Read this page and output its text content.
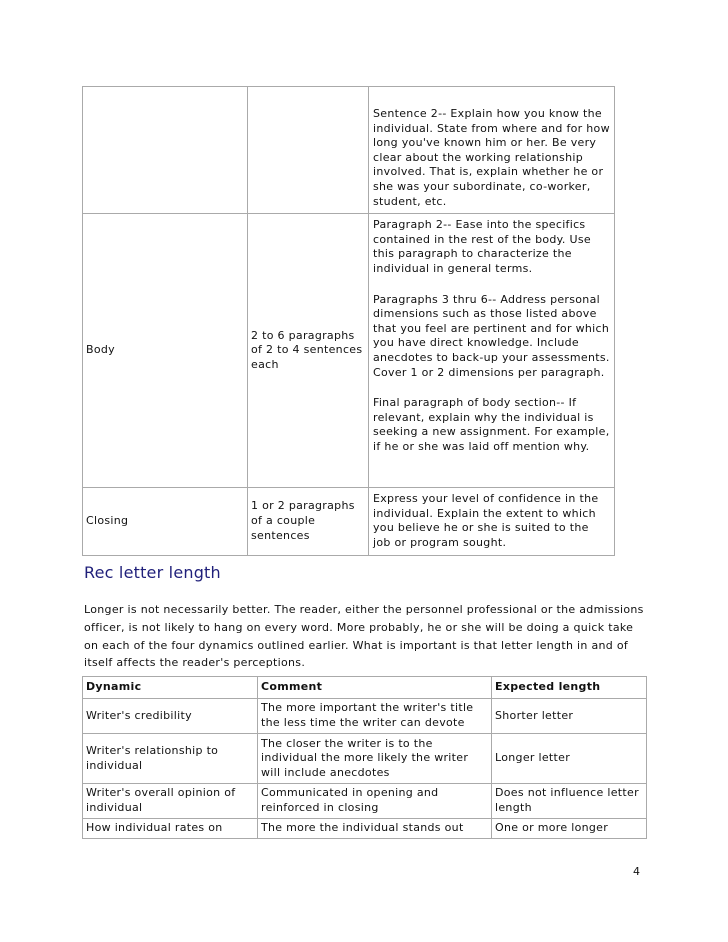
		Sentence 2-- Explain how you know the individual. State from where and for how long you've known him or her. Be very clear about the working relationship involved. That is, explain whether he or she was your subordinate, co-worker, student, etc.

Body	2 to 6 paragraphs of 2 to 4 sentences each	Paragraph 2-- Ease into the specifics contained in the rest of the body. Use this paragraph to characterize the individual in general terms.
Paragraphs 3 thru 6-- Address personal dimensions such as those listed above that you feel are pertinent and for which you have direct knowledge. Include anecdotes to back-up your assessments. Cover 1 or 2 dimensions per paragraph.
Final paragraph of body section-- If relevant, explain why the individual is seeking a new assignment. For example, if he or she was laid off mention why.

Closing	1 or 2 paragraphs of a couple sentences	Express your level of confidence in the individual. Explain the extent to which you believe he or she is suited to the job or program sought.
Rec letter length

Longer is not necessarily better. The reader, either the personnel professional or the admissions officer, is not likely to hang on every word. More probably, he or she will be doing a quick take on each of the four dynamics outlined earlier. What is important is that letter length in and of itself affects the reader's perceptions.

Dynamic	Comment	Expected length
Writer's credibility	The more important the writer's title the less time the writer can devote	Shorter letter
Writer's relationship to individual	The closer the writer is to the individual the more likely the writer will include anecdotes	Longer letter
Writer's overall opinion of individual	Communicated in opening and reinforced in closing	Does not influence letter length
How individual rates on	The more the individual stands out	One or more longer
4
